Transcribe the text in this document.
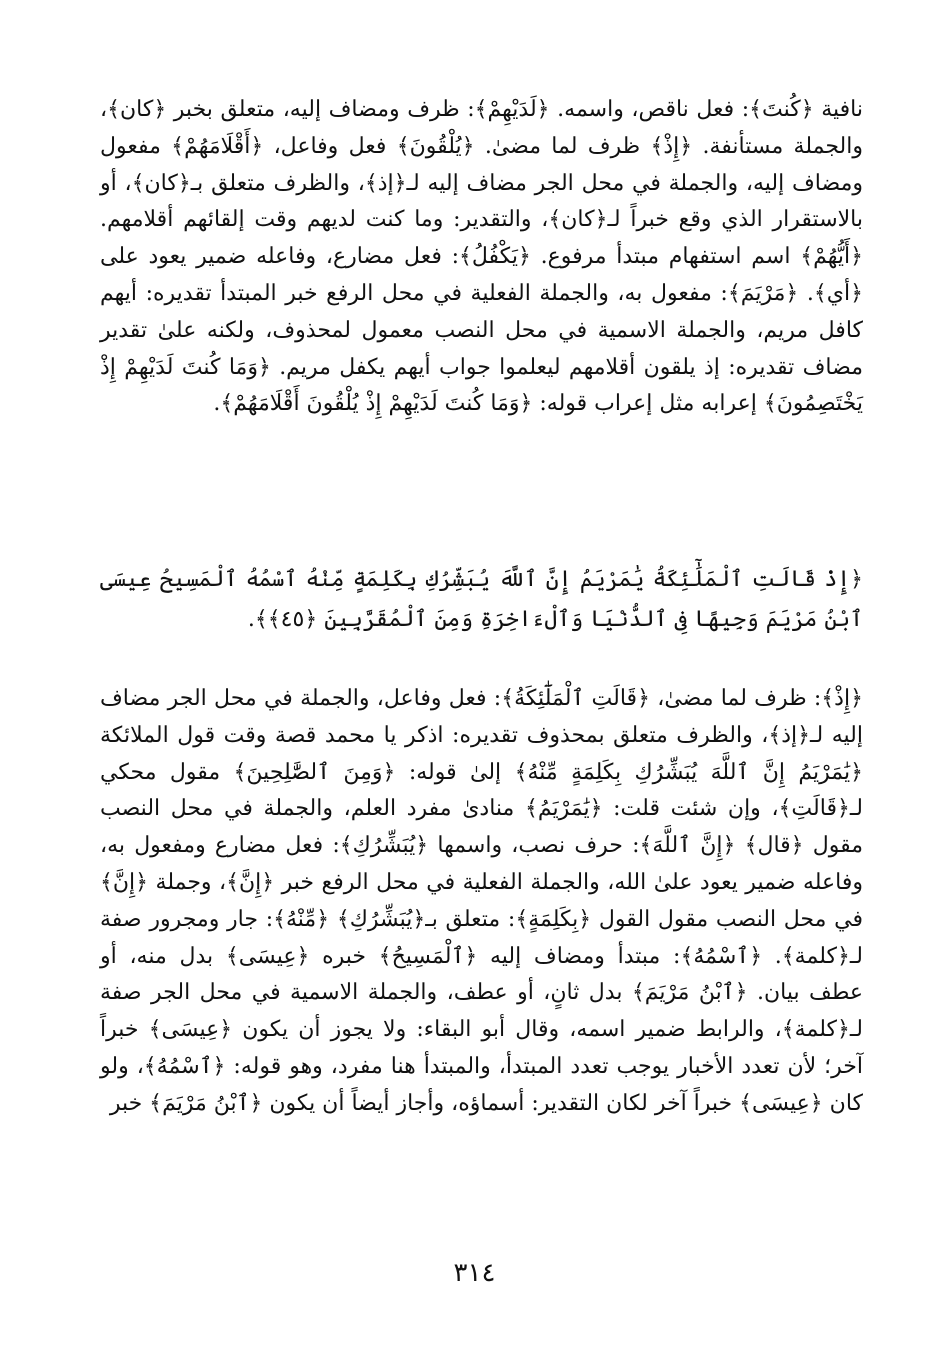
نافية ﴿كُنتَ﴾: فعل ناقص، واسمه. ﴿لَدَيْهِمْ﴾: ظرف ومضاف إليه، متعلق بخبر ﴿كان﴾، والجملة مستأنفة. ﴿إِذْ﴾ ظرف لما مضىٰ. ﴿يُلْقُونَ﴾ فعل وفاعل، ﴿أَقْلَامَهُمْ﴾ مفعول ومضاف إليه، والجملة في محل الجر مضاف إليه لـ﴿إذ﴾، والظرف متعلق بـ﴿كان﴾، أو بالاستقرار الذي وقع خبراً لـ﴿كان﴾، والتقدير: وما كنت لديهم وقت إلقائهم أقلامهم. ﴿أَيُّهُمْ﴾ اسم استفهام مبتدأ مرفوع. ﴿يَكْفُلُ﴾: فعل مضارع، وفاعله ضمير يعود على ﴿أي﴾. ﴿مَرْيَمَ﴾: مفعول به، والجملة الفعلية في محل الرفع خبر المبتدأ تقديره: أيهم كافل مريم، والجملة الاسمية في محل النصب معمول لمحذوف، ولكنه علىٰ تقدير مضاف تقديره: إذ يلقون أقلامهم ليعلموا جواب أيهم يكفل مريم. ﴿وَمَا كُنتَ لَدَيْهِمْ إِذْ يَخْتَصِمُونَ﴾ إعرابه مثل إعراب قوله: ﴿وَمَا كُنتَ لَدَيْهِمْ إِذْ يُلْقُونَ أَقْلَامَهُمْ﴾.

﴿إِذْ قَالَتِ ٱلْمَلَٰٓئِكَةُ يَٰمَرْيَمُ إِنَّ ٱللَّهَ يُبَشِّرُكِ بِكَلِمَةٍ مِّنْهُ ٱسْمُهُ ٱلْمَسِيحُ عِيسَى ٱبْنُ مَرْيَمَ وَجِيهًا فِى ٱلدُّنْيَا وَٱلْءَاخِرَةِ وَمِنَ ٱلْمُقَرَّبِينَ ﴿٤٥﴾﴾.

﴿إِذْ﴾: ظرف لما مضىٰ، ﴿قَالَتِ ٱلْمَلَٰٓئِكَةُ﴾: فعل وفاعل، والجملة في محل الجر مضاف إليه لـ﴿إذ﴾، والظرف متعلق بمحذوف تقديره: اذكر يا محمد قصة وقت قول الملائكة ﴿يَٰمَرْيَمُ إِنَّ ٱللَّهَ يُبَشِّرُكِ بِكَلِمَةٍ مِّنْهُ﴾ إلىٰ قوله: ﴿وَمِنَ ٱلصَّٰلِحِينَ﴾ مقول محكي لـ﴿قَالَتِ﴾، وإن شئت قلت: ﴿يَٰمَرْيَمُ﴾ منادىٰ مفرد العلم، والجملة في محل النصب مقول ﴿قال﴾ ﴿إِنَّ ٱللَّهَ﴾: حرف نصب، واسمها ﴿يُبَشِّرُكِ﴾: فعل مضارع ومفعول به، وفاعله ضمير يعود علىٰ الله، والجملة الفعلية في محل الرفع خبر ﴿إِنَّ﴾، وجملة ﴿إِنَّ﴾ في محل النصب مقول القول ﴿بِكَلِمَةٍ﴾: متعلق بـ﴿يُبَشِّرُكِ﴾ ﴿مِّنْهُ﴾: جار ومجرور صفة لـ﴿كلمة﴾. ﴿ٱسْمُهُ﴾: مبتدأ ومضاف إليه ﴿ٱلْمَسِيحُ﴾ خبره ﴿عِيسَى﴾ بدل منه، أو عطف بيان. ﴿ٱبْنُ مَرْيَمَ﴾ بدل ثانٍ، أو عطف، والجملة الاسمية في محل الجر صفة لـ﴿كلمة﴾، والرابط ضمير اسمه، وقال أبو البقاء: ولا يجوز أن يكون ﴿عِيسَى﴾ خبراً آخر؛ لأن تعدد الأخبار يوجب تعدد المبتدأ، والمبتدأ هنا مفرد، وهو قوله: ﴿ٱسْمُهُ﴾، ولو كان ﴿عِيسَى﴾ خبراً آخر لكان التقدير: أسماؤه، وأجاز أيضاً أن يكون ﴿ٱبْنُ مَرْيَمَ﴾ خبر

٣١٤
